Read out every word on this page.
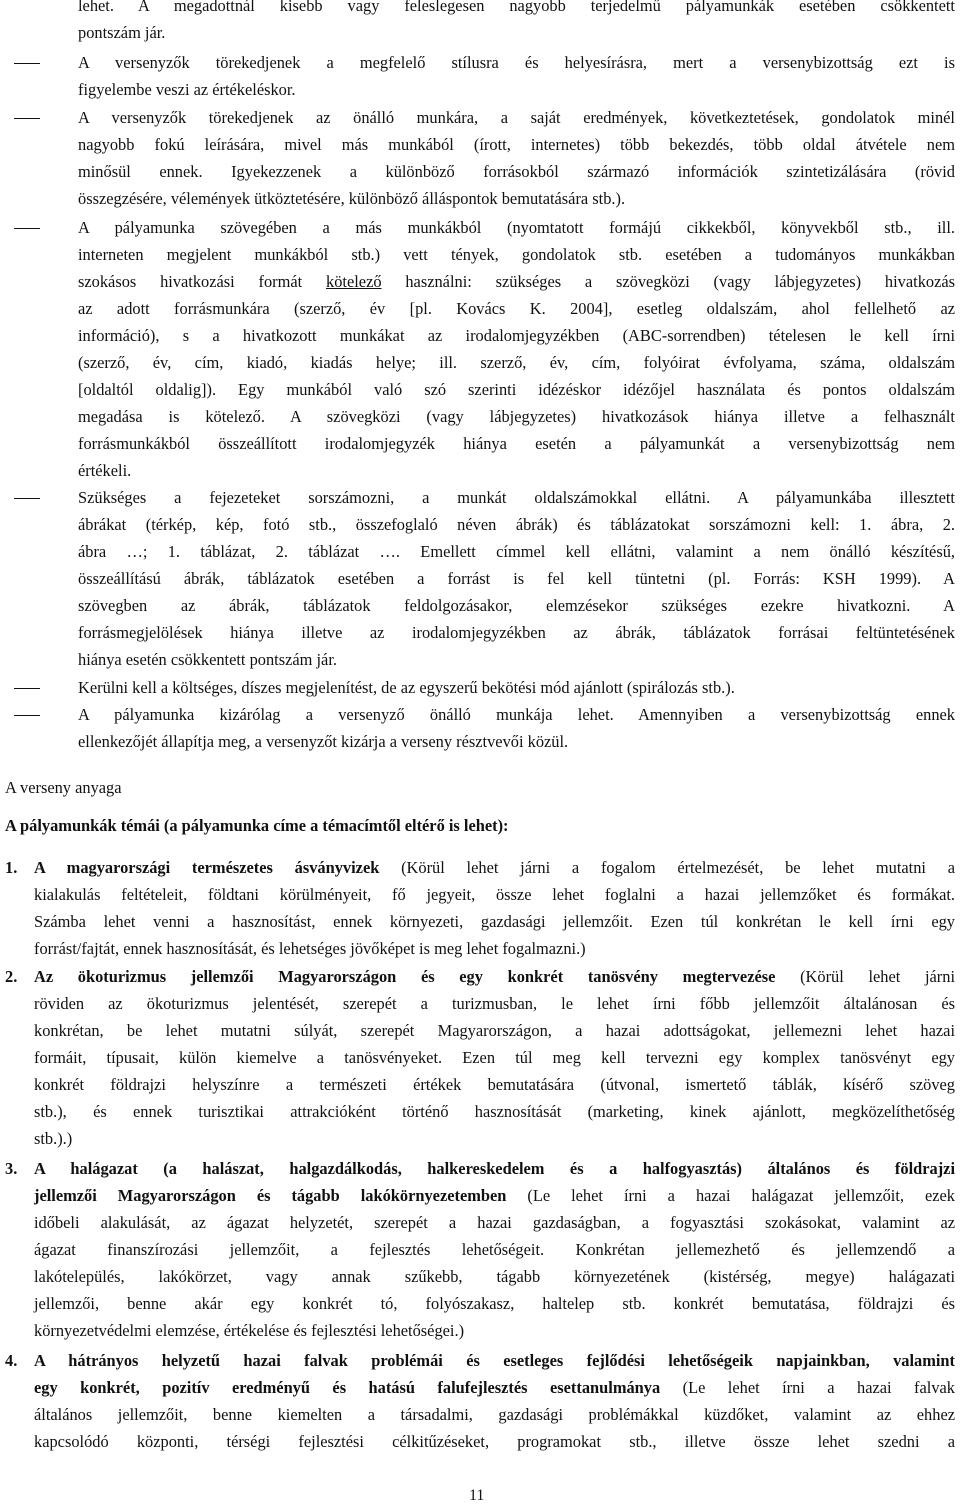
lehet. A megadottnál kisebb vagy feleslegesen nagyobb terjedelmű pályamunkák esetében csökkentett
pontszám jár.
A versenyzők törekedjenek a megfelelő stílusra és helyesírásra, mert a versenybizottság ezt is
figyelembe veszi az értékeléskor.
A versenyzők törekedjenek az önálló munkára, a saját eredmények, következtetések, gondolatok minél
nagyobb fokú leírására, mivel más munkából (írott, internetes) több bekezdés, több oldal átvétele nem
minősül ennek. Igyekezzenek a különböző forrásokból származó információk szintetizálására (rövid
összegzésére, vélemények ütköztetésére, különböző álláspontok bemutatására stb.).
A pályamunka szövegében a más munkákból (nyomtatott formájú cikkekből, könyvekből stb., ill.
interneten megjelent munkákból stb.) vett tények, gondolatok stb. esetében a tudományos munkákban
szokásos hivatkozási formát kötelező használni: szükséges a szövegközi (vagy lábjegyzetes) hivatkozás
az adott forrásmunkára (szerző, év [pl. Kovács K. 2004], esetleg oldalszám, ahol fellelhető az
információ), s a hivatkozott munkákat az irodalomjegyzékben (ABC-sorrendben) tételesen le kell írni
(szerző, év, cím, kiadó, kiadás helye; ill. szerző, év, cím, folyóirat évfolyama, száma, oldalszám
[oldaltól oldalig]). Egy munkából való szó szerinti idézéskor idézőjel használata és pontos oldalszám
megadása is kötelező. A szövegközi (vagy lábjegyzetes) hivatkozások hiánya illetve a felhasznált
forrásmunkákból összeállított irodalomjegyzék hiánya esetén a pályamunkát a versenybizottság nem
értékeli.
Szükséges a fejezeteket sorszámozni, a munkát oldalszámokkal ellátni. A pályamunkába illesztett
ábrákat (térkép, kép, fotó stb., összefoglaló néven ábrák) és táblázatokat sorszámozni kell: 1. ábra, 2.
ábra …; 1. táblázat, 2. táblázat …. Emellett címmel kell ellátni, valamint a nem önálló készítésű,
összeállítású ábrák, táblázatok esetében a forrást is fel kell tüntetni (pl. Forrás: KSH 1999). A
szövegben az ábrák, táblázatok feldolgozásakor, elemzésekor szükséges ezekre hivatkozni. A
forrásmegjelölések hiánya illetve az irodalomjegyzékben az ábrák, táblázatok forrásai feltüntetésének
hiánya esetén csökkentett pontszám jár.
Kerülni kell a költséges, díszes megjelenítést, de az egyszerű bekötési mód ajánlott (spirálozás stb.).
A pályamunka kizárólag a versenyző önálló munkája lehet. Amennyiben a versenybizottság ennek
ellenkezőjét állapítja meg, a versenyzőt kizárja a verseny résztvevői közül.
A verseny anyaga
A pályamunkák témái (a pályamunka címe a témacímtől eltérő is lehet):
1. A magyarországi természetes ásványvizek (Körül lehet járni a fogalom értelmezését, be lehet mutatni a
kialakulás feltételeit, földtani körülményeit, fő jegyeit, össze lehet foglalni a hazai jellemzőket és formákat.
Számba lehet venni a hasznosítást, ennek környezeti, gazdasági jellemzőit. Ezen túl konkrétan le kell írni egy
forrást/fajtát, ennek hasznosítását, és lehetséges jövőképet is meg lehet fogalmazni.)
2. Az ökoturizmus jellemzői Magyarországon és egy konkrét tanösvény megtervezése (Körül lehet járni
röviden az ökoturizmus jelentését, szerepét a turizmusban, le lehet írni főbb jellemzőit általánosan és
konkrétan, be lehet mutatni súlyát, szerepét Magyarországon, a hazai adottságokat, jellemezni lehet hazai
formáit, típusait, külön kiemelve a tanösvényeket. Ezen túl meg kell tervezni egy komplex tanösvényt egy
konkrét földrajzi helyszínre a természeti értékek bemutatására (útvonal, ismertető táblák, kísérő szöveg
stb.), és ennek turisztikai attrakcióként történő hasznosítását (marketing, kinek ajánlott, megközelíthetőség
stb.).)
3. A halágazat (a halászat, halgazdálkodás, halkereskedelem és a halfogyasztás) általános és földrajzi
jellemzői Magyarországon és tágabb lakókörnyezetemben (Le lehet írni a hazai halágazat jellemzőit, ezek
időbeli alakulását, az ágazat helyzetét, szerepét a hazai gazdaságban, a fogyasztási szokásokat, valamint az
ágazat finanszírozási jellemzőit, a fejlesztés lehetőségeit. Konkrétan jellemezhető és jellemzendő a
lakótelepülés, lakókörzet, vagy annak szűkebb, tágabb környezetének (kistérség, megye) halágazati
jellemzői, benne akár egy konkrét tó, folyószakasz, haltelep stb. konkrét bemutatása, földrajzi és
környezetvédelmi elemzése, értékelése és fejlesztési lehetőségei.)
4. A hátrányos helyzetű hazai falvak problémái és esetleges fejlődési lehetőségeik napjainkban, valamint
egy konkrét, pozitív eredményű és hatású falufejlesztés esettanulmánya (Le lehet írni a hazai falvak
általános jellemzőit, benne kiemelten a társadalmi, gazdasági problémákkal küzdőket, valamint az ehhez
kapcsolódó központi, térségi fejlesztési célkitűzéseket, programokat stb., illetve össze lehet szedni a
11
